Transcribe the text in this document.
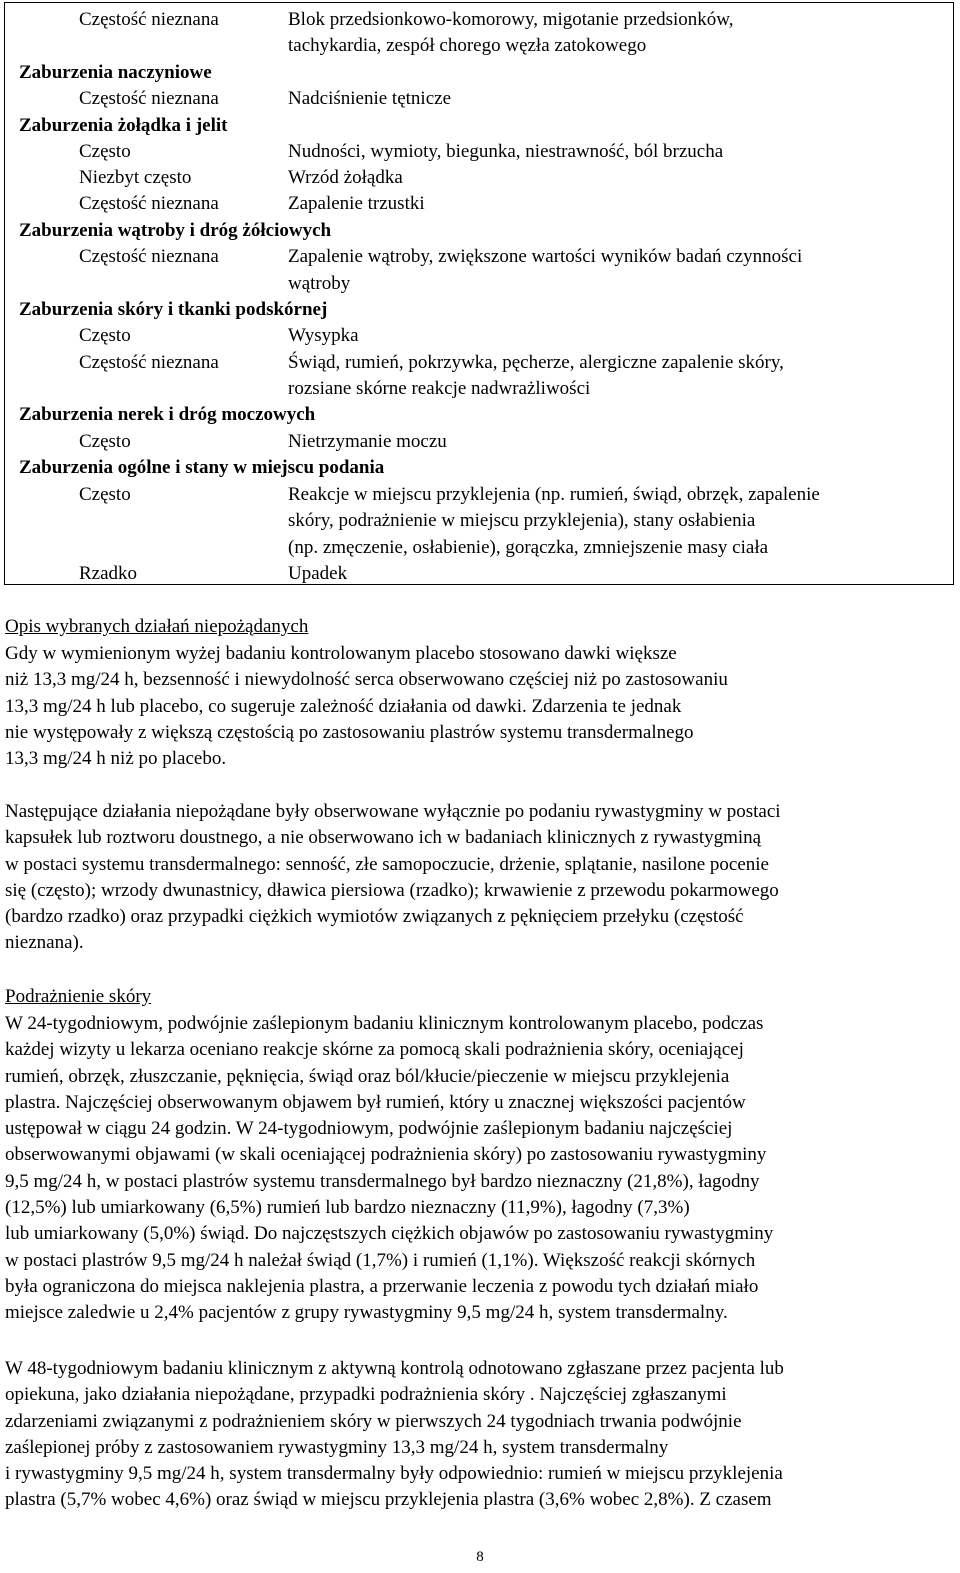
Częstość nieznana	Blok przedsionkowo-komorowy, migotanie przedsionków,
tachykardia, zespół chorego węzła zatokowego
Zaburzenia naczyniowe
Częstość nieznana	Nadciśnienie tętnicze
Zaburzenia żołądka i jelit
Często	Nudności, wymioty, biegunka, niestrawność, ból brzucha
Niezbyt często	Wrzód żołądka
Częstość nieznana	Zapalenie trzustki
Zaburzenia wątroby i dróg żółciowych
Częstość nieznana	Zapalenie wątroby, zwiększone wartości wyników badań czynności
wątroby
Zaburzenia skóry i tkanki podskórnej
Często	Wysypka
Częstość nieznana	Świąd, rumień, pokrzywka, pęcherze, alergiczne zapalenie skóry,
rozsiane skórne reakcje nadwrażliwości
Zaburzenia nerek i dróg moczowych
Często	Nietrzymanie moczu
Zaburzenia ogólne i stany w miejscu podania
Często	Reakcje w miejscu przyklejenia (np. rumień, świąd, obrzęk, zapalenie
skóry, podrażnienie w miejscu przyklejenia), stany osłabienia
(np. zmęczenie, osłabienie), gorączka, zmniejszenie masy ciała
Rzadko	Upadek
Opis wybranych działań niepożądanych
Gdy w wymienionym wyżej badaniu kontrolowanym placebo stosowano dawki większe
niż 13,3 mg/24 h, bezsenność i niewydolność serca obserwowano częściej niż po zastosowaniu
13,3 mg/24 h lub placebo, co sugeruje zależność działania od dawki. Zdarzenia te jednak
nie występowały z większą częstością po zastosowaniu plastrów systemu transdermalnego
13,3 mg/24 h niż po placebo.
Następujące działania niepożądane były obserwowane wyłącznie po podaniu rywastygminy w postaci
kapsułek lub roztworu doustnego, a nie obserwowano ich w badaniach klinicznych z rywastygminą
w postaci systemu transdermalnego: senność, złe samopoczucie, drżenie, splątanie, nasilone pocenie
się (często); wrzody dwunastnicy, dławica piersiowa (rzadko); krwawienie z przewodu pokarmowego
(bardzo rzadko) oraz przypadki ciężkich wymiotów związanych z pęknięciem przełyku (częstość
nieznana).
Podrażnienie skóry
W 24-tygodniowym, podwójnie zaślepionym badaniu klinicznym kontrolowanym placebo, podczas
każdej wizyty u lekarza oceniano reakcje skórne za pomocą skali podrażnienia skóry, oceniającej
rumień, obrzęk, złuszczanie, pęknięcia, świąd oraz ból/kłucie/pieczenie w miejscu przyklejenia
plastra. Najczęściej obserwowanym objawem był rumień, który u znacznej większości pacjentów
ustępował w ciągu 24 godzin. W 24-tygodniowym, podwójnie zaślepionym badaniu najczęściej
obserwowanymi objawami (w skali oceniającej podrażnienia skóry) po zastosowaniu rywastygminy
9,5 mg/24 h, w postaci plastrów systemu transdermalnego był bardzo nieznaczny (21,8%), łagodny
(12,5%) lub umiarkowany (6,5%) rumień lub bardzo nieznaczny (11,9%), łagodny (7,3%)
lub umiarkowany (5,0%) świąd. Do najczęstszych ciężkich objawów po zastosowaniu rywastygminy
w postaci plastrów 9,5 mg/24 h należał świąd (1,7%) i rumień (1,1%). Większość reakcji skórnych
była ograniczona do miejsca naklejenia plastra, a przerwanie leczenia z powodu tych działań miało
miejsce zaledwie u 2,4% pacjentów z grupy rywastygminy 9,5 mg/24 h, system transdermalny.
W 48-tygodniowym badaniu klinicznym z aktywną kontrolą odnotowano zgłaszane przez pacjenta lub
opiekuna, jako działania niepożądane, przypadki podrażnienia skóry . Najczęściej zgłaszanymi
zdarzeniami związanymi z podrażnieniem skóry w pierwszych 24 tygodniach trwania podwójnie
zaślepionej próby z zastosowaniem rywastygminy 13,3 mg/24 h, system transdermalny
i rywastygminy 9,5 mg/24 h, system transdermalny były odpowiednio: rumień w miejscu przyklejenia
plastra (5,7% wobec 4,6%) oraz świąd w miejscu przyklejenia plastra (3,6% wobec 2,8%). Z czasem
8
